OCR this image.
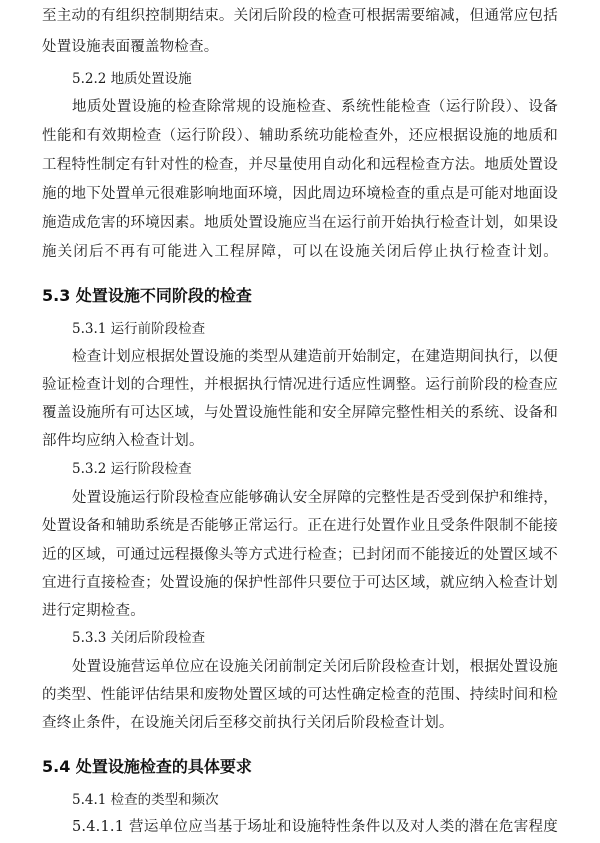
至主动的有组织控制期结束。关闭后阶段的检查可根据需要缩减，但通常应包括
处置设施表面覆盖物检查。
5.2.2 地质处置设施
地质处置设施的检查除常规的设施检查、系统性能检查（运行阶段）、设备
性能和有效期检查（运行阶段）、辅助系统功能检查外，还应根据设施的地质和
工程特性制定有针对性的检查，并尽量使用自动化和远程检查方法。地质处置设
施的地下处置单元很难影响地面环境，因此周边环境检查的重点是可能对地面设
施造成危害的环境因素。地质处置设施应当在运行前开始执行检查计划，如果设
施关闭后不再有可能进入工程屏障，可以在设施关闭后停止执行检查计划。
5.3 处置设施不同阶段的检查
5.3.1 运行前阶段检查
检查计划应根据处置设施的类型从建造前开始制定，在建造期间执行，以便
验证检查计划的合理性，并根据执行情况进行适应性调整。运行前阶段的检查应
覆盖设施所有可达区域，与处置设施性能和安全屏障完整性相关的系统、设备和
部件均应纳入检查计划。
5.3.2 运行阶段检查
处置设施运行阶段检查应能够确认安全屏障的完整性是否受到保护和维持，
处置设备和辅助系统是否能够正常运行。正在进行处置作业且受条件限制不能接
近的区域，可通过远程摄像头等方式进行检查；已封闭而不能接近的处置区域不
宜进行直接检查；处置设施的保护性部件只要位于可达区域，就应纳入检查计划
进行定期检查。
5.3.3 关闭后阶段检查
处置设施营运单位应在设施关闭前制定关闭后阶段检查计划，根据处置设施
的类型、性能评估结果和废物处置区域的可达性确定检查的范围、持续时间和检
查终止条件，在设施关闭后至移交前执行关闭后阶段检查计划。
5.4 处置设施检查的具体要求
5.4.1 检查的类型和频次
5.4.1.1 营运单位应当基于场址和设施特性条件以及对人类的潜在危害程度
